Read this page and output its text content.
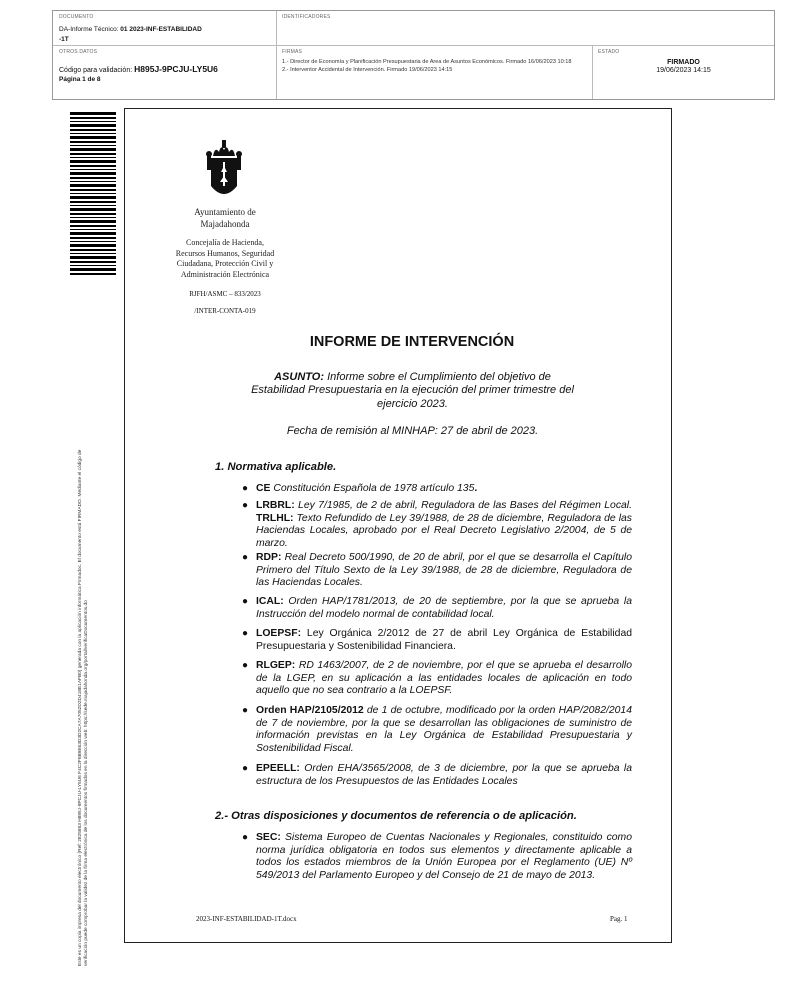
DOCUMENTO
DA-Informe Técnico: 01 2023-INF-ESTABILIDAD
-1T
IDENTIFICADORES
OTROS DATOS
Código para validación: H895J-9PCJU-LY5U6
Página 1 de 8
FIRMAS
1.- Director de Economía y Planificación Presupuestaria de Area de Asuntos Económicos. Firmado 16/06/2023 10:18
2.- Interventor Accidental de Intervención. Firmado 19/06/2023 14:15
ESTADO
FIRMADO
19/06/2023 14:15
Este es un copia impresa del documento electrónico (Ref: 2825853 H895J-9PCJU-LY5U6 F4C2F6B9E63D3D2CA7A7052D2D418E1AFB0) generada con la aplicación informática Firmadoc. El documento está FIRMADO. Mediante el código de verificación puede comprobar la validez de la firma electrónica de los documentos firmados en la dirección web: https://sede.majadahonda.org/portal/verificaDocumentos.do
Ayuntamiento de
Majadahonda
Concejalía de Hacienda,
Recursos Humanos, Seguridad
Ciudadana, Protección Civil y
Administración Electrónica
RJFH/ASMC – 833/2023
/INTER-CONTA-019
INFORME DE INTERVENCIÓN
ASUNTO: Informe sobre el Cumplimiento del objetivo de Estabilidad Presupuestaria en la ejecución del primer trimestre del ejercicio 2023.
Fecha de remisión al MINHAP: 27 de abril de 2023.
1. Normativa aplicable.
● CE Constitución Española de 1978 artículo 135.
● LRBRL: Ley 7/1985, de 2 de abril, Reguladora de las Bases del Régimen Local. TRLHL: Texto Refundido de Ley 39/1988, de 28 de diciembre, Reguladora de las Haciendas Locales, aprobado por el Real Decreto Legislativo 2/2004, de 5 de marzo.
● RDP: Real Decreto 500/1990, de 20 de abril, por el que se desarrolla el Capítulo Primero del Título Sexto de la Ley 39/1988, de 28 de diciembre, Reguladora de las Haciendas Locales.
● ICAL: Orden HAP/1781/2013, de 20 de septiembre, por la que se aprueba la Instrucción del modelo normal de contabilidad local.
● LOEPSF: Ley Orgánica 2/2012 de 27 de abril Ley Orgánica de Estabilidad Presupuestaria y Sostenibilidad Financiera.
● RLGEP: RD 1463/2007, de 2 de noviembre, por el que se aprueba el desarrollo de la LGEP, en su aplicación a las entidades locales de aplicación en todo aquello que no sea contrario a la LOEPSF.
● Orden HAP/2105/2012 de 1 de octubre, modificado por la orden HAP/2082/2014 de 7 de noviembre, por la que se desarrollan las obligaciones de suministro de información previstas en la Ley Orgánica de Estabilidad Presupuestaria y Sostenibilidad Fiscal.
● EPEELL: Orden EHA/3565/2008, de 3 de diciembre, por la que se aprueba la estructura de los Presupuestos de las Entidades Locales
2.- Otras disposiciones y documentos de referencia o de aplicación.
● SEC: Sistema Europeo de Cuentas Nacionales y Regionales, constituido como norma jurídica obligatoria en todos sus elementos y directamente aplicable a todos los estados miembros de la Unión Europea por el Reglamento (UE) Nº 549/2013 del Parlamento Europeo y del Consejo de 21 de mayo de 2013.
2023-INF-ESTABILIDAD-1T.docx	Pag. 1
